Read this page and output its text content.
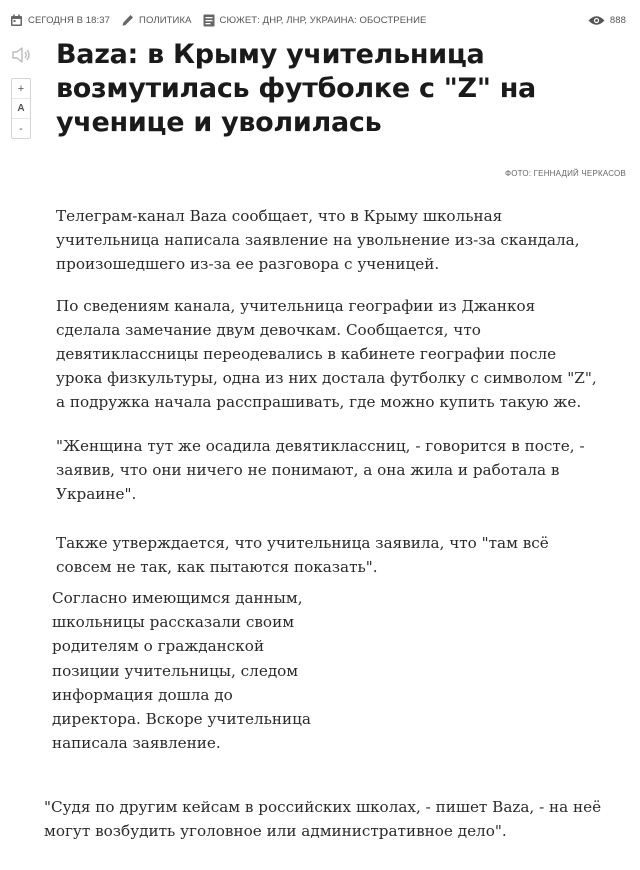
СЕГОДНЯ В 18:37	ПОЛИТИКА	СЮЖЕТ: ДНР, ЛНР, УКРАИНА: ОБОСТРЕНИЕ	888
+
A
-
Baza: в Крыму учительница возмутилась футболке с "Z" на ученице и уволилась
ФОТО: ГЕННАДИЙ ЧЕРКАСОВ

Телеграм-канал Baza сообщает, что в Крыму школьная учительница написала заявление на увольнение из-за скандала, произошедшего из-за ее разговора с ученицей.

По сведениям канала, учительница географии из Джанкоя сделала замечание двум девочкам. Сообщается, что девятиклассницы переодевались в кабинете географии после урока физкультуры, одна из них достала футболку с символом "Z", а подружка начала расспрашивать, где можно купить такую же.

"Женщина тут же осадила девятиклассниц, - говорится в посте, - заявив, что они ничего не понимают, а она жила и работала в Украине".

Также утверждается, что учительница заявила, что "там всё совсем не так, как пытаются показать".

Согласно имеющимся данным, школьницы рассказали своим родителям о гражданской позиции учительницы, следом информация дошла до директора. Вскоре учительница написала заявление.

"Судя по другим кейсам в российских школах, - пишет Baza, - на неё могут возбудить уголовное или административное дело".
